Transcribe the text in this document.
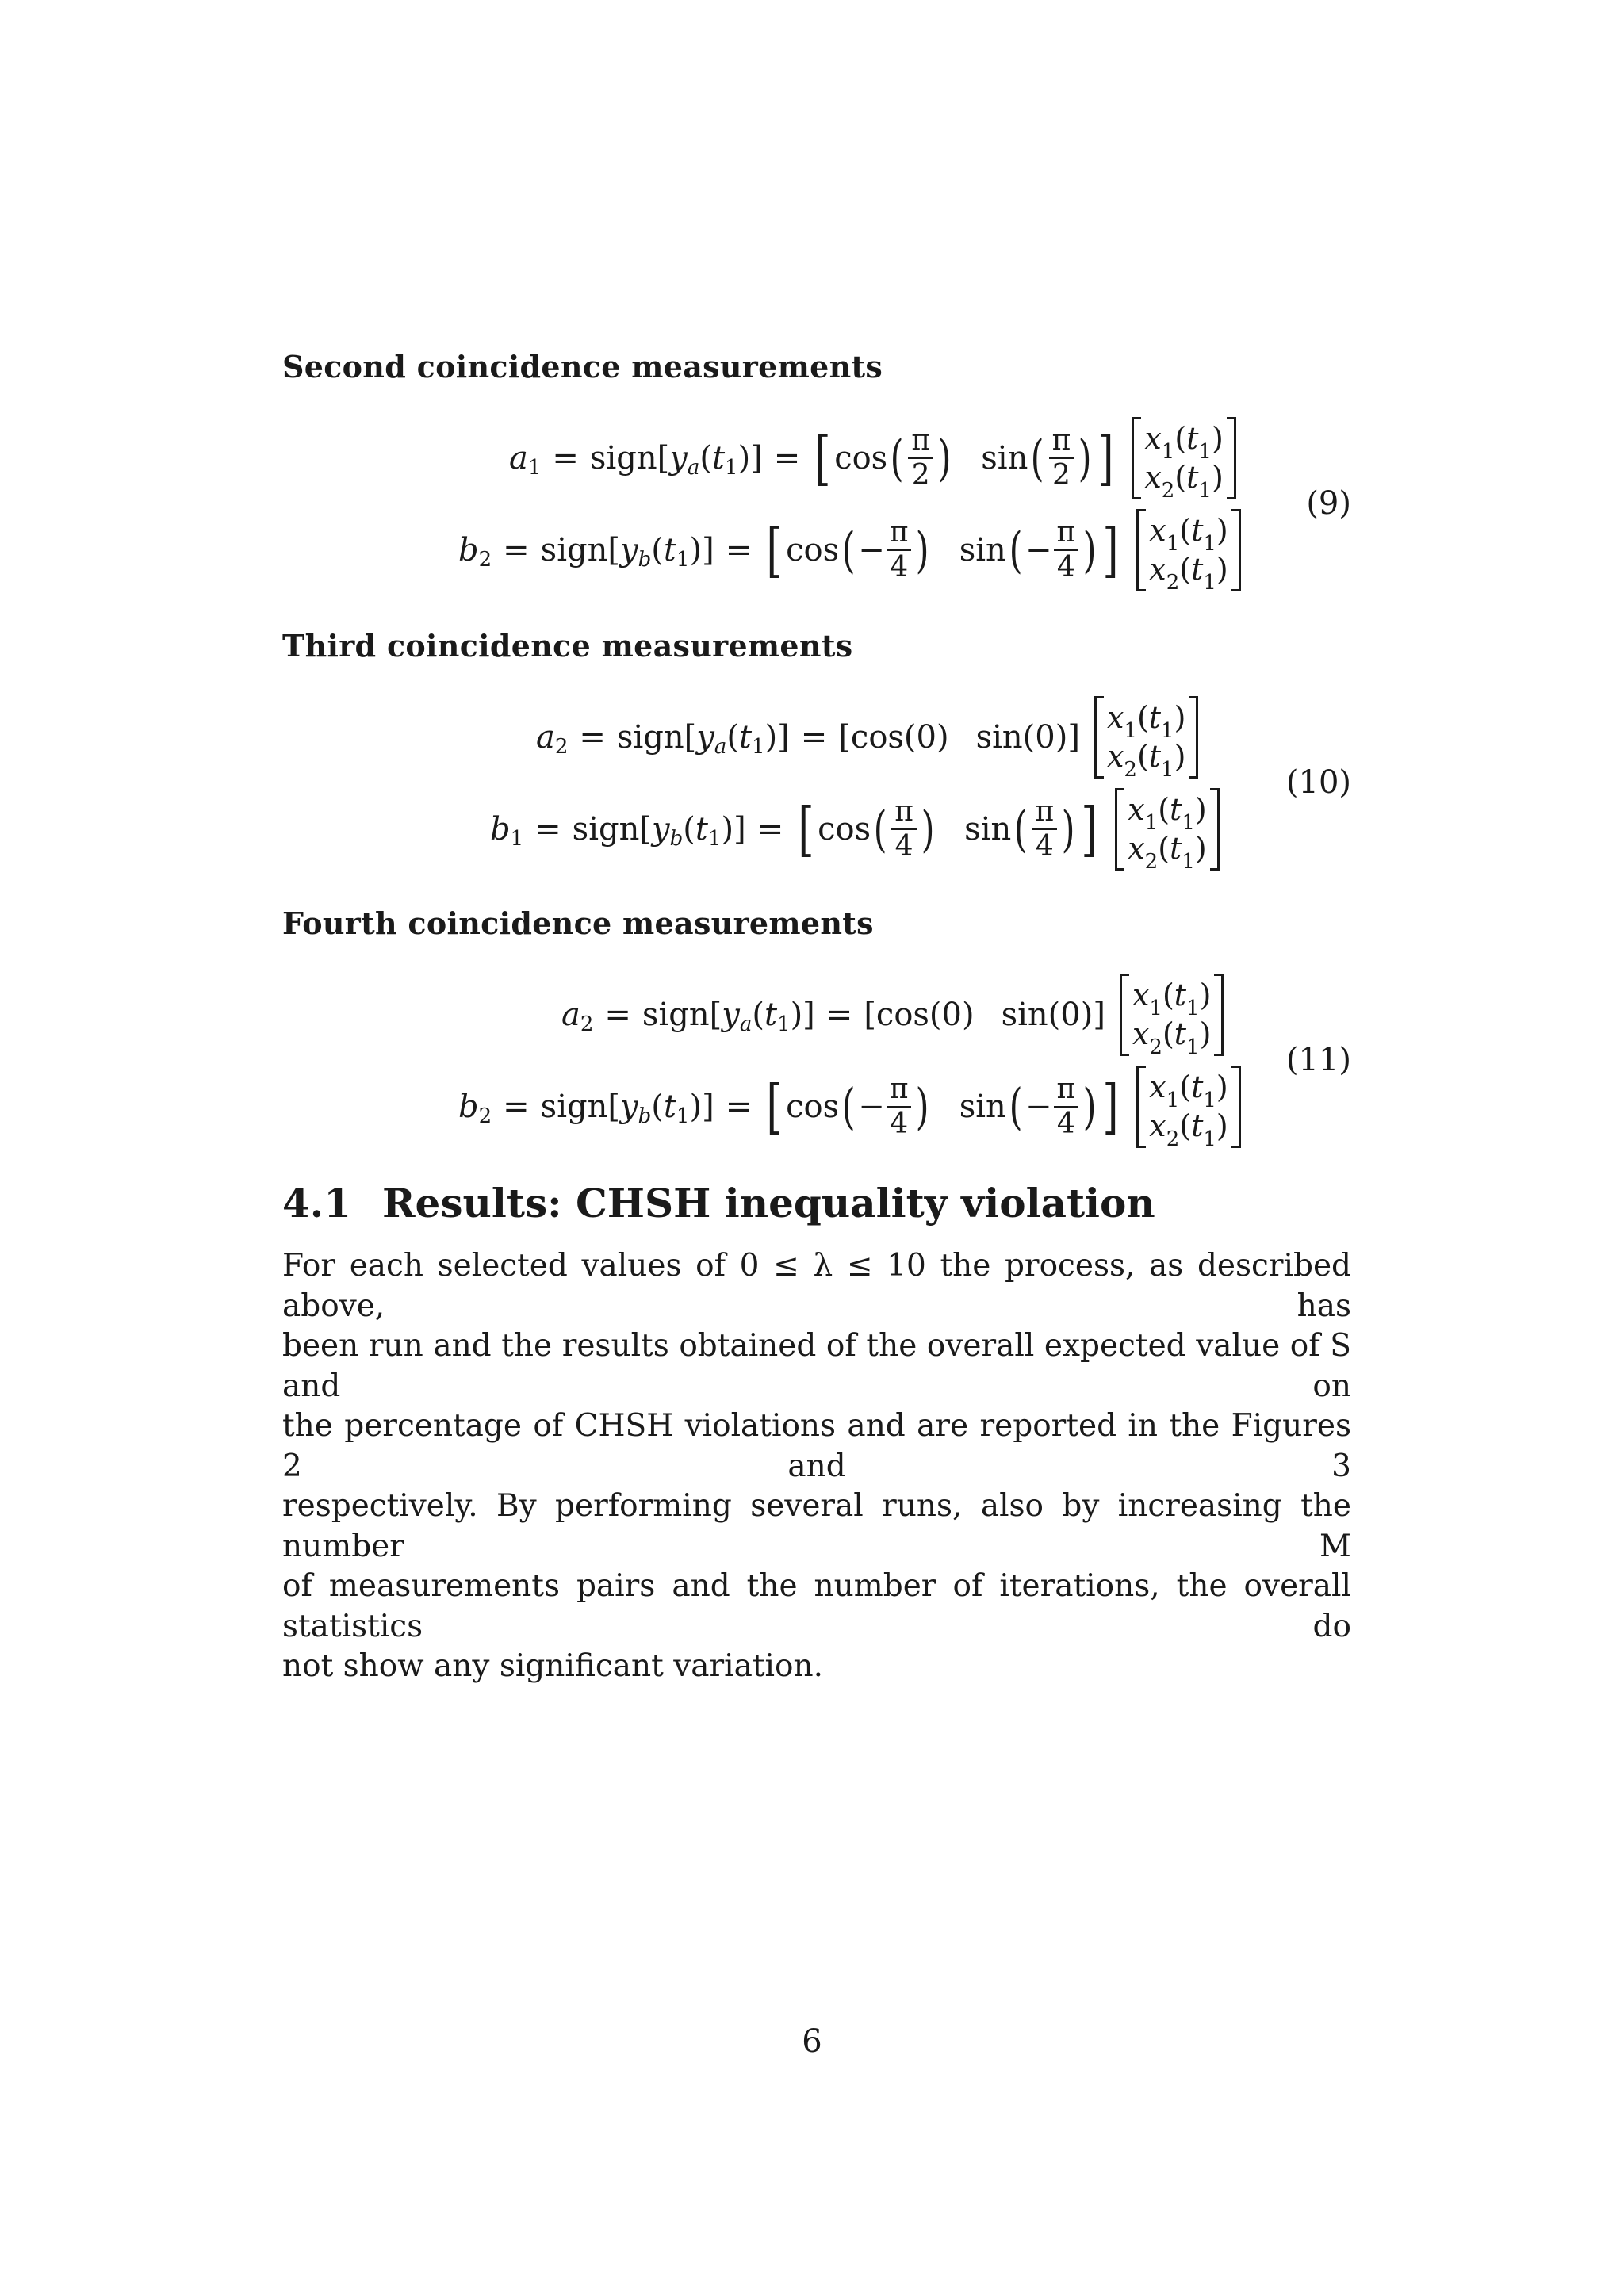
Second coincidence measurements
a 1 = sign [ y a ( t 1 )] = [ cos ( $\frac{\pi}{2}$ ) sin ( $\frac{\pi}{2}$ ) ] $x_1(t_1)$
$x_2(t_1)$
b 2 = sign [ y b ( t 1 )] = [ cos ( − $\frac{\pi}{4}$ ) sin ( − $\frac{\pi}{4}$ ) ] $x_1(t_1)$
$x_2(t_1)$
(9)
Third coincidence measurements
a 2 = sign [ y a ( t 1 )] = [ cos(0) sin(0) ]
$x_1(t_1)$
$x_2(t_1)$
b 1 = sign [ y b ( t 1 )] = [ cos ( $\frac{\pi}{4}$ ) sin ( $\frac{\pi}{4}$ ) ] $x_1(t_1)$
$x_2(t_1)$
(10)
Fourth coincidence measurements
a 2 = sign [ y a ( t 1 )] = [ cos(0) sin(0) ]
$x_1(t_1)$
$x_2(t_1)$
b 2 = sign [ y b ( t 1 )] = [ cos ( − $\frac{\pi}{4}$ ) sin ( − $\frac{\pi}{4}$ ) ] $x_1(t_1)$
$x_2(t_1)$
(11)
4.1 Results: CHSH inequality violation

For each selected values of 0 ≤ λ ≤ 10 the process, as described above, has
been run and the results obtained of the overall expected value of S and on
the percentage of CHSH violations and are reported in the Figures 2 and 3
respectively. By performing several runs, also by increasing the number M
of measurements pairs and the number of iterations, the overall statistics do
not show any significant variation.

6
